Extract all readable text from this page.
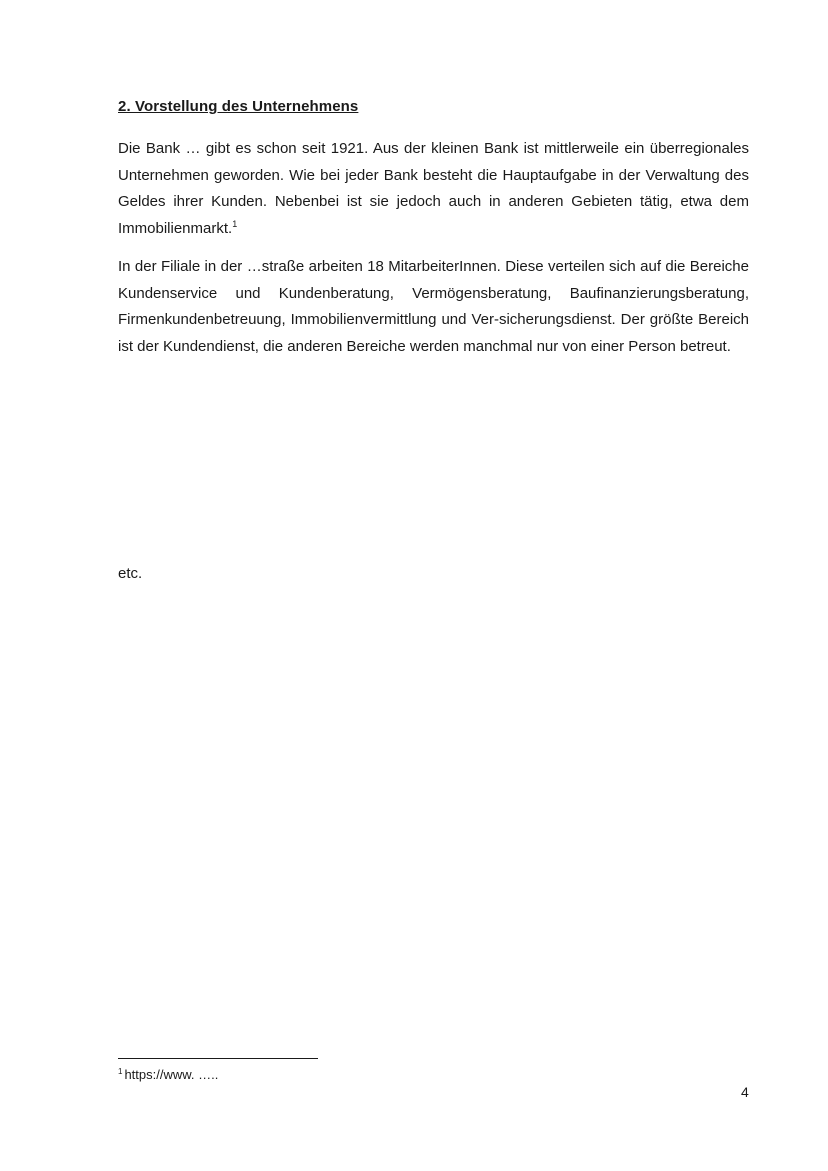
2. Vorstellung des Unternehmens

Die Bank … gibt es schon seit 1921. Aus der kleinen Bank ist mittlerweile ein überregionales Unternehmen geworden. Wie bei jeder Bank besteht die Hauptaufgabe in der Verwaltung des Geldes ihrer Kunden. Nebenbei ist sie jedoch auch in anderen Gebieten tätig, etwa dem Immobilienmarkt.$^1$

In der Filiale in der …straße arbeiten 18 MitarbeiterInnen. Diese verteilen sich auf die Bereiche Kundenservice und Kundenberatung, Vermögensberatung, Baufinanzierungsberatung, Firmenkundenbetreuung, Immobilienvermittlung und Ver-sicherungsdienst. Der größte Bereich ist der Kundendienst, die anderen Bereiche werden manchmal nur von einer Person betreut.

etc.
$^1$ https://www. …..
4
